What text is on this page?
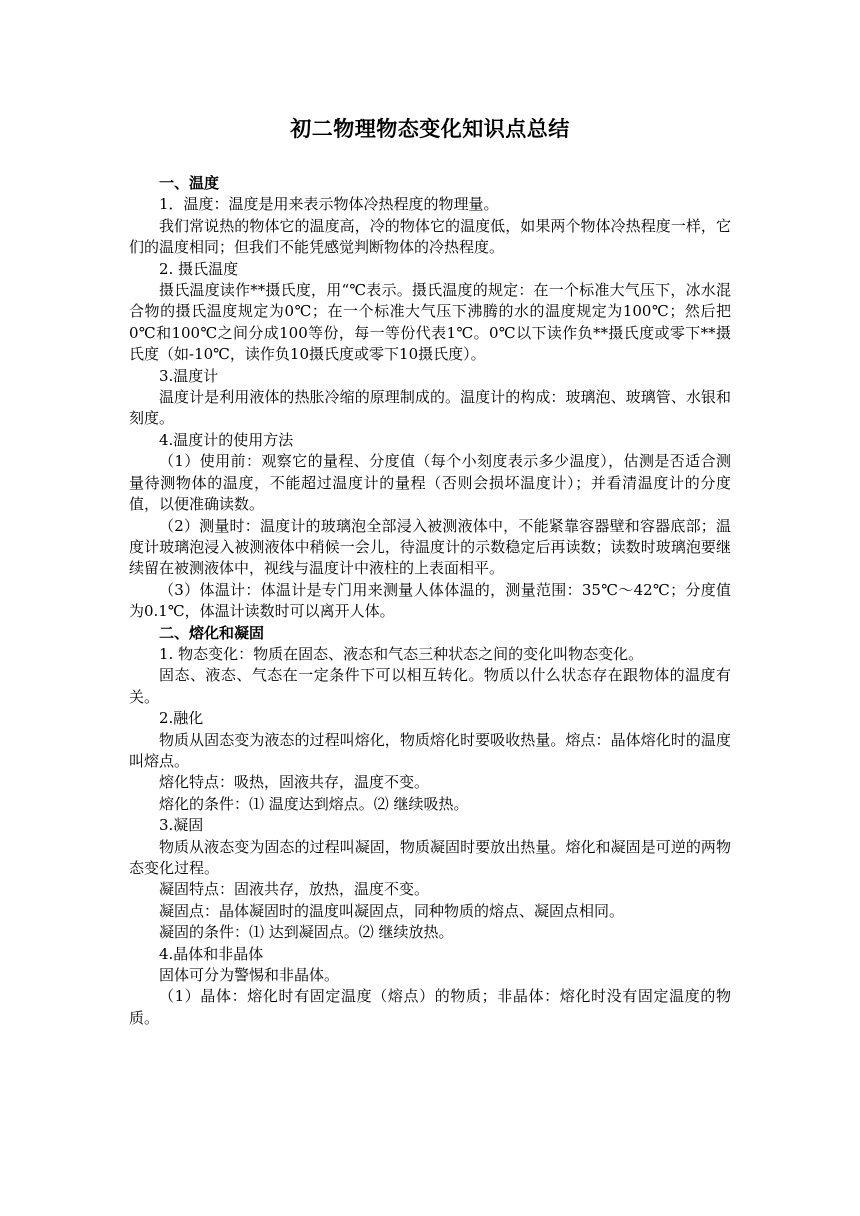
初二物理物态变化知识点总结

一、温度

1．温度：温度是用来表示物体冷热程度的物理量。

我们常说热的物体它的温度高，冷的物体它的温度低，如果两个物体冷热程度一样，它们的温度相同；但我们不能凭感觉判断物体的冷热程度。

2. 摄氏温度

摄氏温度读作**摄氏度，用“℃表示。摄氏温度的规定：在一个标准大气压下，冰水混合物的摄氏温度规定为0℃；在一个标准大气压下沸腾的水的温度规定为100℃；然后把0℃和100℃之间分成100等份，每一等份代表1℃。0℃以下读作负**摄氏度或零下**摄氏度（如-10℃，读作负10摄氏度或零下10摄氏度）。

3.温度计

温度计是利用液体的热胀冷缩的原理制成的。温度计的构成：玻璃泡、玻璃管、水银和刻度。

4.温度计的使用方法

（1）使用前：观察它的量程、分度值（每个小刻度表示多少温度），估测是否适合测量待测物体的温度，不能超过温度计的量程（否则会损坏温度计）；并看清温度计的分度值，以便准确读数。

（2）测量时：温度计的玻璃泡全部浸入被测液体中，不能紧靠容器壁和容器底部；温度计玻璃泡浸入被测液体中稍候一会儿，待温度计的示数稳定后再读数；读数时玻璃泡要继续留在被测液体中，视线与温度计中液柱的上表面相平。

（3）体温计：体温计是专门用来测量人体体温的，测量范围：35℃～42℃；分度值为0.1℃，体温计读数时可以离开人体。

二、熔化和凝固

1. 物态变化：物质在固态、液态和气态三种状态之间的变化叫物态变化。

固态、液态、气态在一定条件下可以相互转化。物质以什么状态存在跟物体的温度有关。

2.融化

物质从固态变为液态的过程叫熔化，物质熔化时要吸收热量。熔点：晶体熔化时的温度叫熔点。

熔化特点：吸热，固液共存，温度不变。

熔化的条件：⑴ 温度达到熔点。⑵ 继续吸热。

3.凝固

物质从液态变为固态的过程叫凝固，物质凝固时要放出热量。熔化和凝固是可逆的两物态变化过程。

凝固特点：固液共存，放热，温度不变。

凝固点：晶体凝固时的温度叫凝固点，同种物质的熔点、凝固点相同。

凝固的条件：⑴ 达到凝固点。⑵ 继续放热。

4.晶体和非晶体

固体可分为警惕和非晶体。

（1）晶体：熔化时有固定温度（熔点）的物质；非晶体：熔化时没有固定温度的物质。
